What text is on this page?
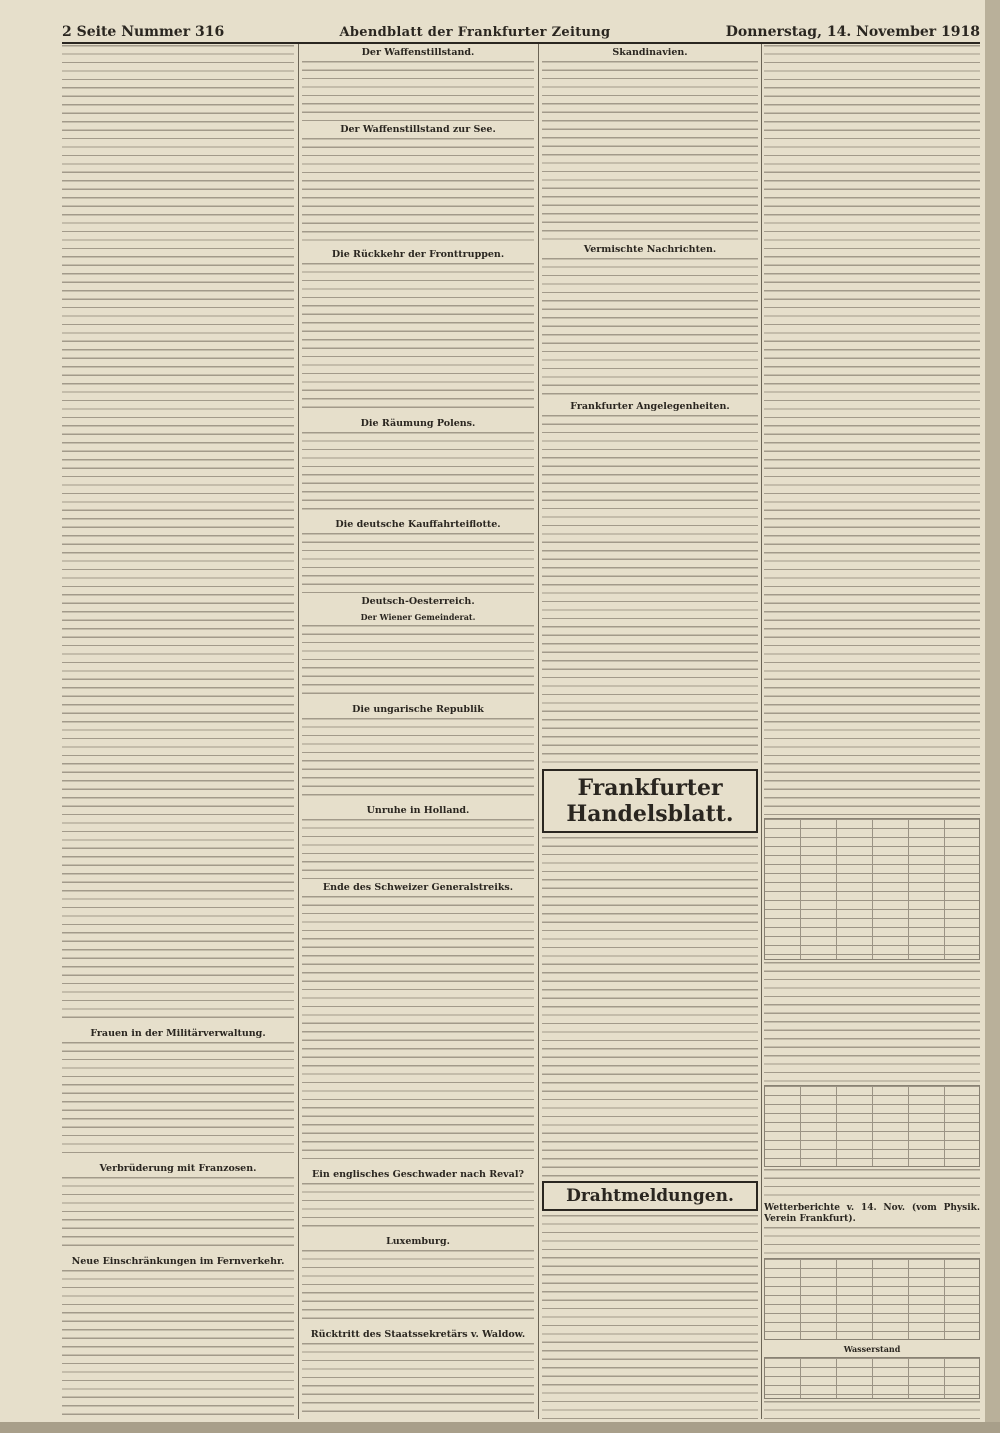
2 Seite Nummer 316	Abendblatt der Frankfurter Zeitung	Donnerstag, 14. November 1918
Frauen in der Militärverwaltung.
Verbrüderung mit Franzosen.
Neue Einschränkungen im Fernverkehr.
Der Waffenstillstand.
Der Waffenstillstand zur See.
Die Rückkehr der Fronttruppen.
Die Räumung Polens.
Die deutsche Kauffahrteiflotte.
Deutsch-Oesterreich.
Der Wiener Gemeinderat.
Die ungarische Republik
Unruhe in Holland.
Ende des Schweizer Generalstreiks.
Ein englisches Geschwader nach Reval?
Luxemburg.
Rücktritt des Staatssekretärs v. Waldow.
Skandinavien.
Vermischte Nachrichten.
Frankfurter Angelegenheiten.
Frankfurter Handelsblatt.
Drahtmeldungen.
Wetterberichte v. 14. Nov. (vom Physik. Verein Frankfurt).
Wasserstand
